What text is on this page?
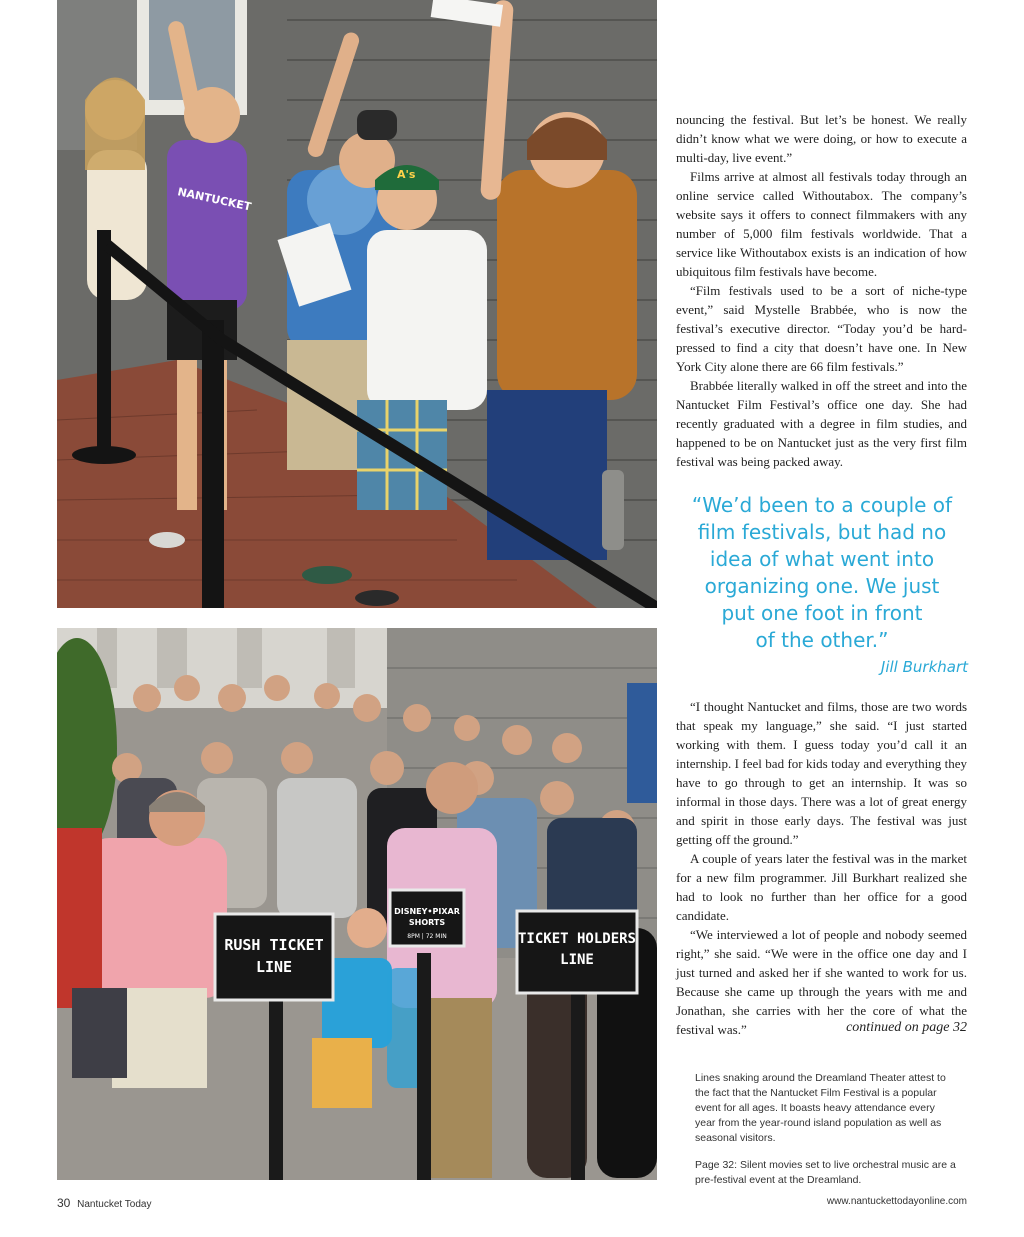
NANTUCKET
A's
RUSH TICKET
LINE
TICKET HOLDERS
LINE
DISNEY•PIXAR
SHORTS
8PM | 72 MIN

nouncing the festival. But let’s be honest. We really didn’t know what we were doing, or how to execute a multi-day, live event.”

Films arrive at almost all festivals today through an online service called Withoutabox. The company’s website says it offers to connect filmmakers with any number of 5,000 film festivals worldwide. That a service like Withoutabox exists is an indication of how ubiquitous film festivals have become.

“Film festivals used to be a sort of niche-type event,” said Mystelle Brabbée, who is now the festival’s executive director. “Today you’d be hard-pressed to find a city that doesn’t have one. In New York City alone there are 66 film festivals.”

Brabbée literally walked in off the street and into the Nantucket Film Festival’s office one day. She had recently graduated with a degree in film studies, and happened to be on Nantucket just as the very first film festival was being packed away.

“We’d been to a couple of

film festivals, but had no

idea of what went into

organizing one. We just

put one foot in front

of the other.”

Jill Burkhart

“I thought Nantucket and films, those are two words that speak my language,” she said. “I just started working with them. I guess today you’d call it an internship. I feel bad for kids today and everything they have to go through to get an internship. It was so informal in those days. There was a lot of great energy and spirit in those early days. The festival was just getting off the ground.”

A couple of years later the festival was in the market for a new film programmer. Jill Burkhart realized she had to look no further than her office for a good candidate.

“We interviewed a lot of people and nobody seemed right,” she said. “We were in the office one day and I just turned and asked her if she wanted to work for us. Because she came up through the years with me and Jonathan, she carries with her the core of what the festival was.”	continued on page 32

Lines snaking around the Dreamland Theater attest to the fact that the Nantucket Film Festival is a popular event for all ages. It boasts heavy attendance every year from the year-round island population as well as seasonal visitors.

Page 32: Silent movies set to live orchestral music are a pre-festival event at the Dreamland.

30 Nantucket Today	www.nantuckettodayonline.com
